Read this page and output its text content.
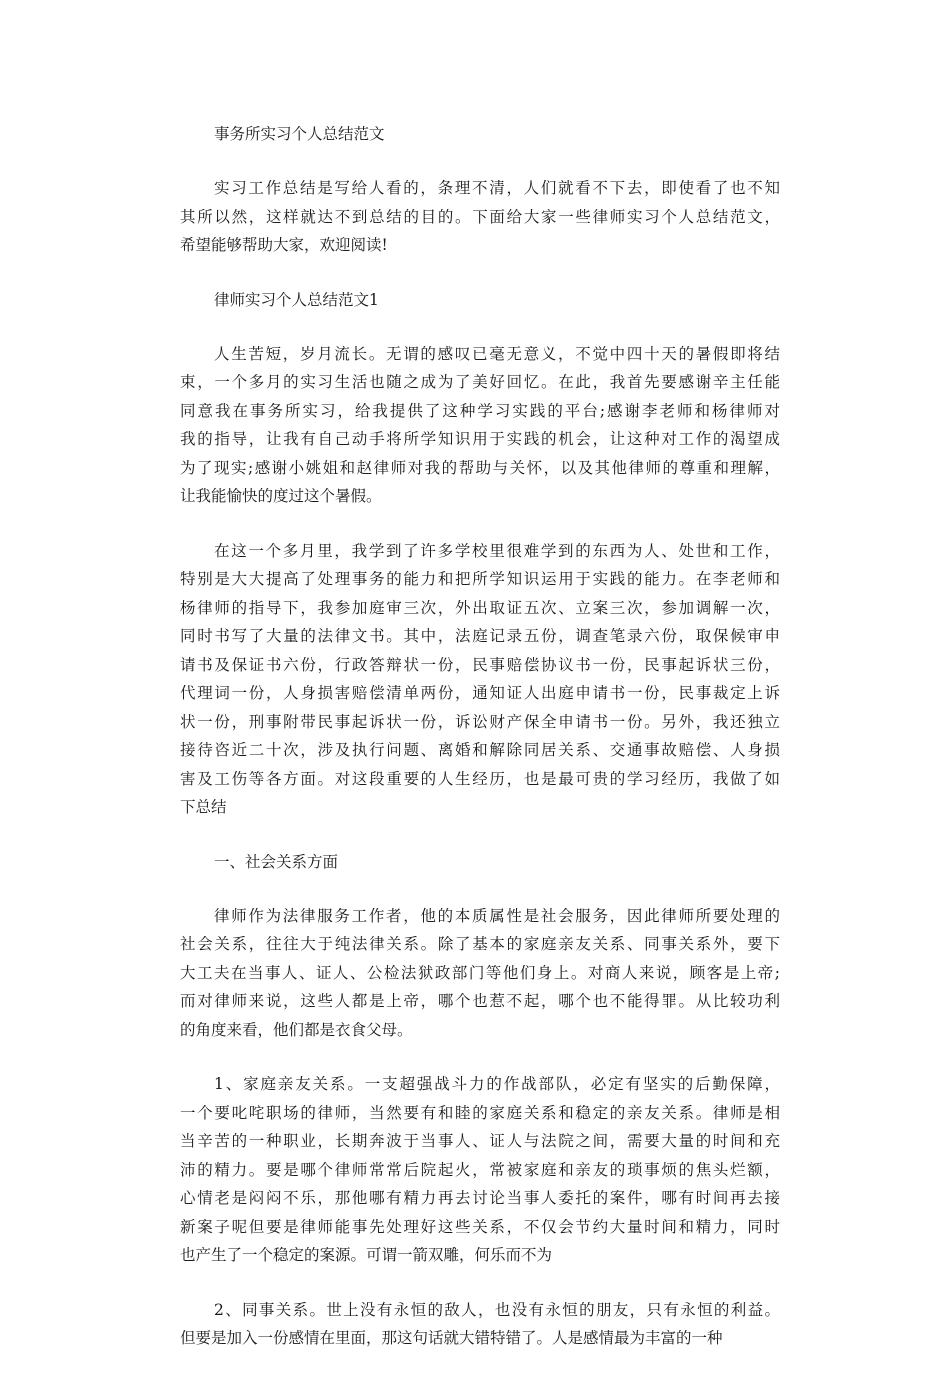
事务所实习个人总结范文

实习工作总结是写给人看的，条理不清，人们就看不下去，即使看了也不知
其所以然，这样就达不到总结的目的。下面给大家一些律师实习个人总结范文，
希望能够帮助大家，欢迎阅读!

律师实习个人总结范文1

人生苦短，岁月流长。无谓的感叹已毫无意义，不觉中四十天的暑假即将结
束，一个多月的实习生活也随之成为了美好回忆。在此，我首先要感谢辛主任能
同意我在事务所实习，给我提供了这种学习实践的平台;感谢李老师和杨律师对
我的指导，让我有自己动手将所学知识用于实践的机会，让这种对工作的渴望成
为了现实;感谢小姚姐和赵律师对我的帮助与关怀，以及其他律师的尊重和理解，
让我能愉快的度过这个暑假。
在这一个多月里，我学到了许多学校里很难学到的东西为人、处世和工作，
特别是大大提高了处理事务的能力和把所学知识运用于实践的能力。在李老师和
杨律师的指导下，我参加庭审三次，外出取证五次、立案三次，参加调解一次，
同时书写了大量的法律文书。其中，法庭记录五份，调查笔录六份，取保候审申
请书及保证书六份，行政答辩状一份，民事赔偿协议书一份，民事起诉状三份，
代理词一份，人身损害赔偿清单两份，通知证人出庭申请书一份，民事裁定上诉
状一份，刑事附带民事起诉状一份，诉讼财产保全申请书一份。另外，我还独立
接待咨近二十次，涉及执行问题、离婚和解除同居关系、交通事故赔偿、人身损
害及工伤等各方面。对这段重要的人生经历，也是最可贵的学习经历，我做了如
下总结

一、社会关系方面

律师作为法律服务工作者，他的本质属性是社会服务，因此律师所要处理的
社会关系，往往大于纯法律关系。除了基本的家庭亲友关系、同事关系外，要下
大工夫在当事人、证人、公检法狱政部门等他们身上。对商人来说，顾客是上帝;
而对律师来说，这些人都是上帝，哪个也惹不起，哪个也不能得罪。从比较功利
的角度来看，他们都是衣食父母。
1、家庭亲友关系。一支超强战斗力的作战部队，必定有坚实的后勤保障，
一个要叱咤职场的律师，当然要有和睦的家庭关系和稳定的亲友关系。律师是相
当辛苦的一种职业，长期奔波于当事人、证人与法院之间，需要大量的时间和充
沛的精力。要是哪个律师常常后院起火，常被家庭和亲友的琐事烦的焦头烂额，
心情老是闷闷不乐，那他哪有精力再去讨论当事人委托的案件，哪有时间再去接
新案子呢但要是律师能事先处理好这些关系，不仅会节约大量时间和精力，同时
也产生了一个稳定的案源。可谓一箭双雕，何乐而不为
2、同事关系。世上没有永恒的敌人，也没有永恒的朋友，只有永恒的利益。
但要是加入一份感情在里面，那这句话就大错特错了。人是感情最为丰富的一种
